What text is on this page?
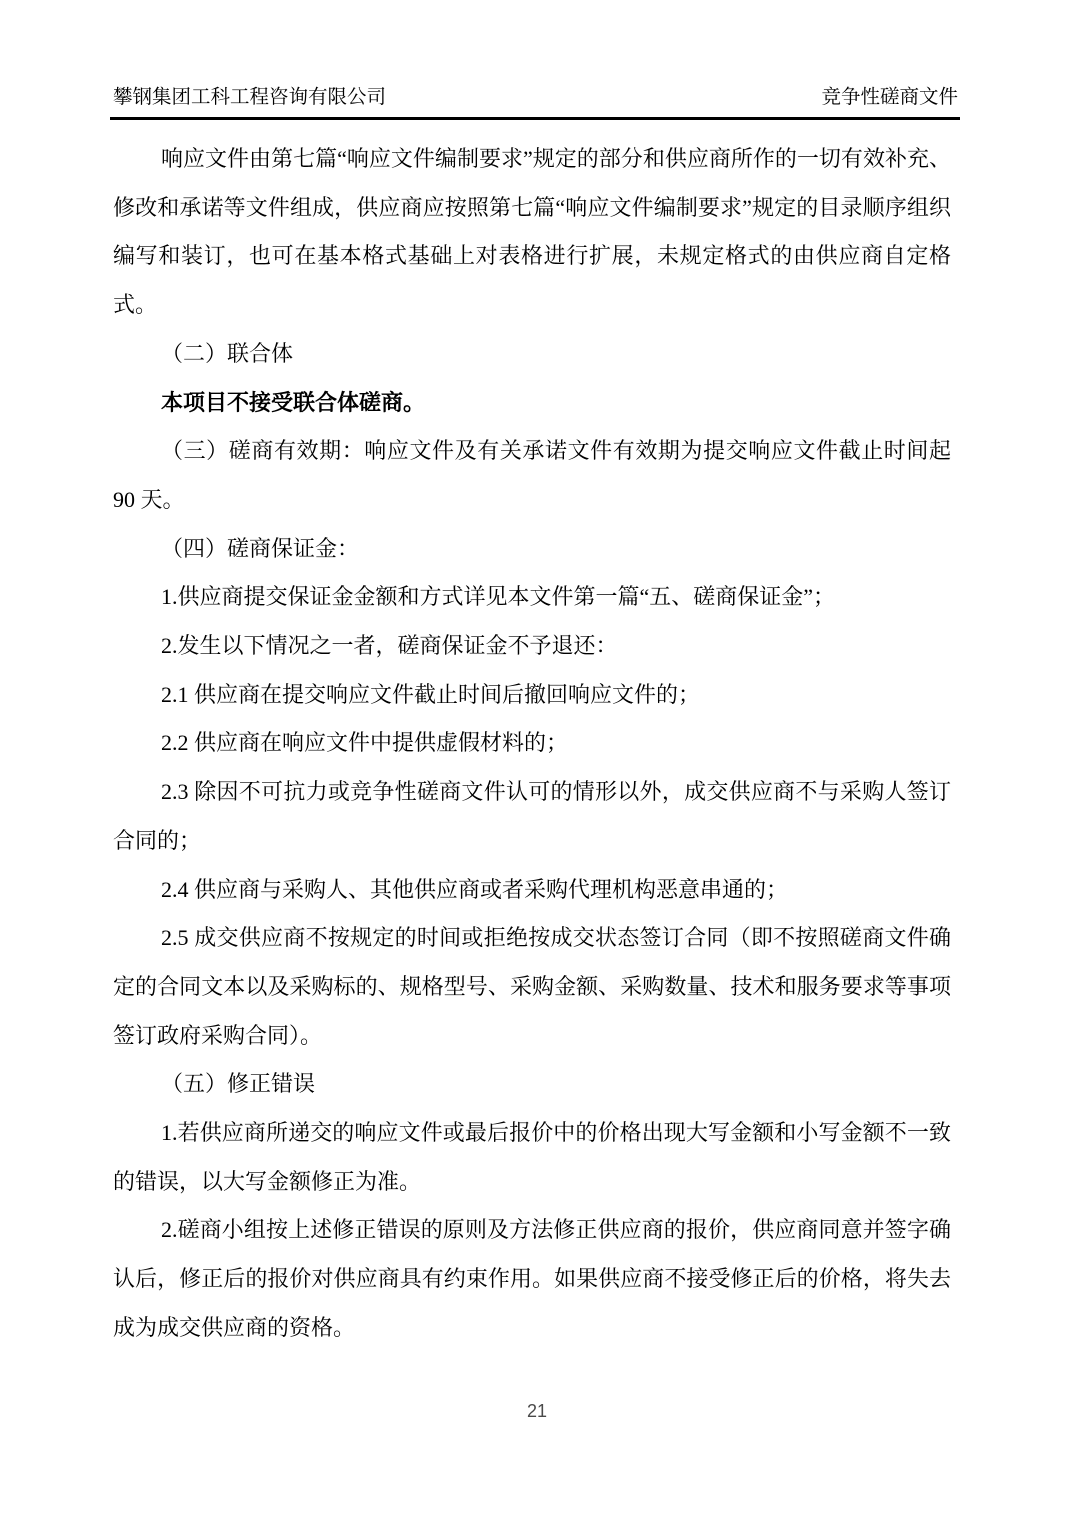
攀钢集团工科工程咨询有限公司	竞争性磋商文件

响应文件由第七篇“响应文件编制要求”规定的部分和供应商所作的一切有效补充、修改和承诺等文件组成，供应商应按照第七篇“响应文件编制要求”规定的目录顺序组织编写和装订，也可在基本格式基础上对表格进行扩展，未规定格式的由供应商自定格式。

（二）联合体

本项目不接受联合体磋商。

（三）磋商有效期：响应文件及有关承诺文件有效期为提交响应文件截止时间起 90 天。

（四）磋商保证金：

1.供应商提交保证金金额和方式详见本文件第一篇“五、磋商保证金”；

2.发生以下情况之一者，磋商保证金不予退还：

2.1 供应商在提交响应文件截止时间后撤回响应文件的；

2.2 供应商在响应文件中提供虚假材料的；

2.3 除因不可抗力或竞争性磋商文件认可的情形以外，成交供应商不与采购人签订合同的；

2.4 供应商与采购人、其他供应商或者采购代理机构恶意串通的；

2.5 成交供应商不按规定的时间或拒绝按成交状态签订合同（即不按照磋商文件确定的合同文本以及采购标的、规格型号、采购金额、采购数量、技术和服务要求等事项签订政府采购合同）。

（五）修正错误

1.若供应商所递交的响应文件或最后报价中的价格出现大写金额和小写金额不一致的错误，以大写金额修正为准。

2.磋商小组按上述修正错误的原则及方法修正供应商的报价，供应商同意并签字确认后，修正后的报价对供应商具有约束作用。如果供应商不接受修正后的价格，将失去成为成交供应商的资格。

21
